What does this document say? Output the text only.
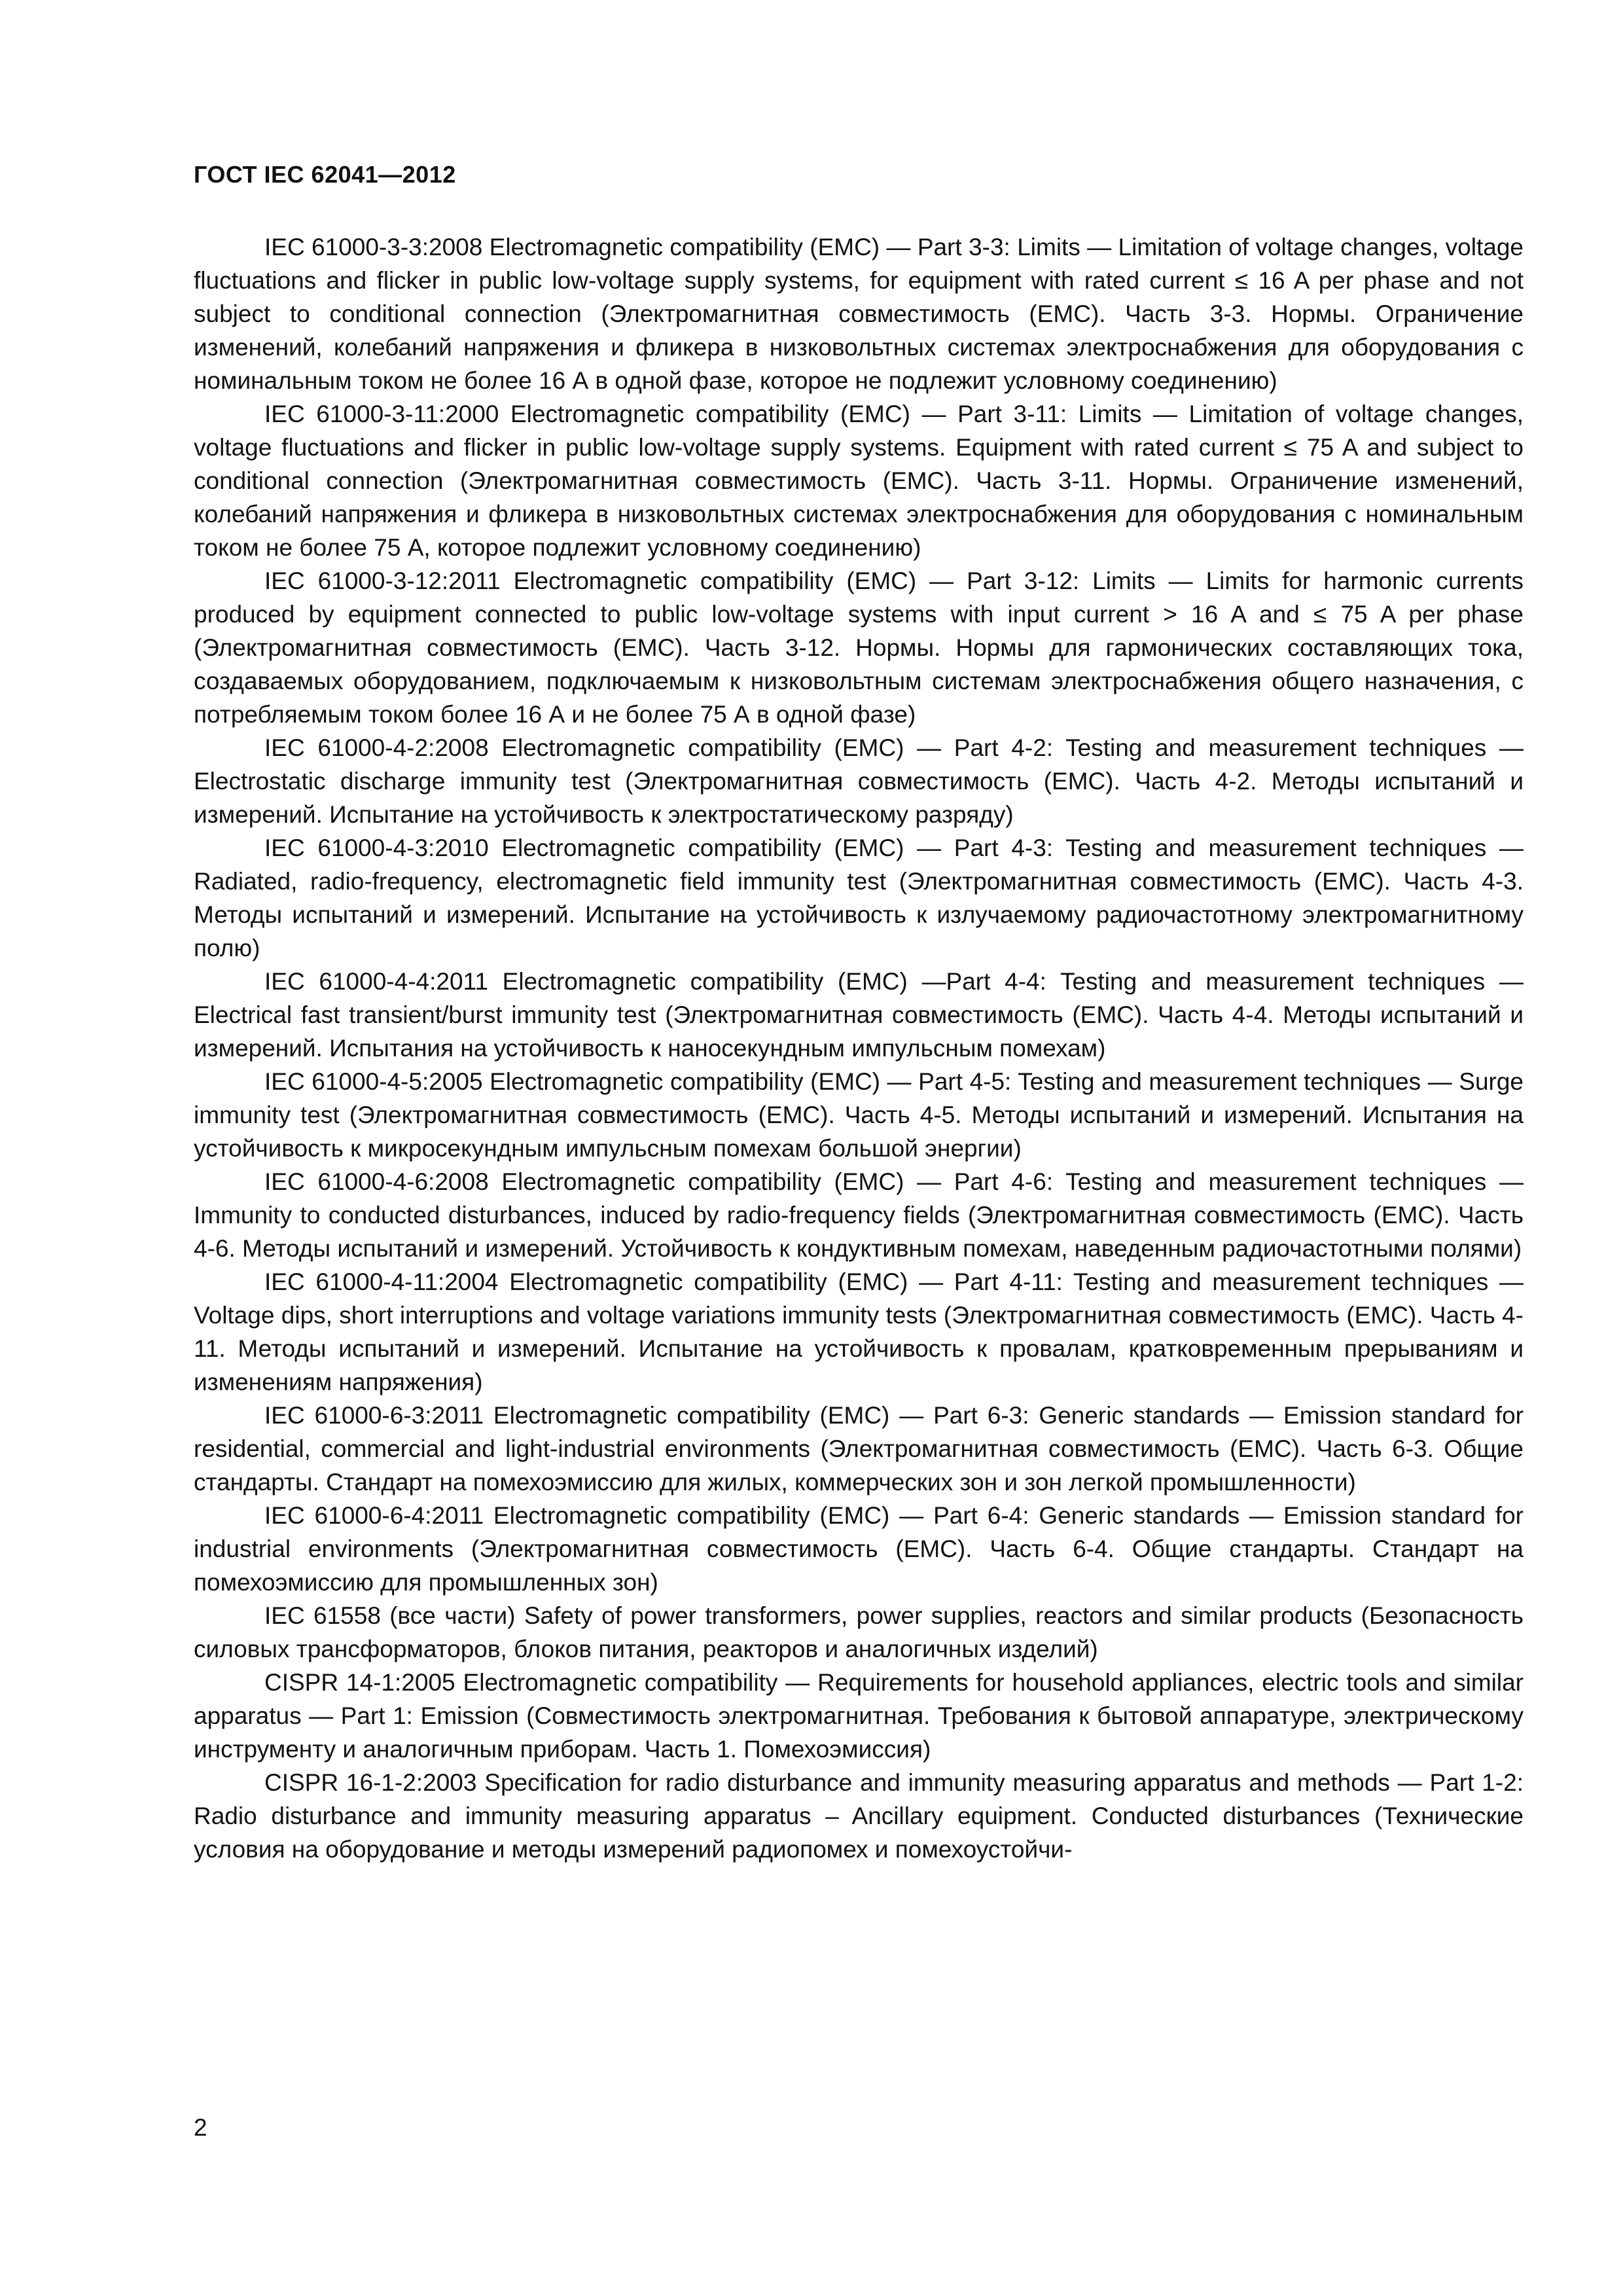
ГОСТ IEC 62041—2012

IEC 61000-3-3:2008 Electromagnetic compatibility (EMC) — Part 3-3: Limits — Limitation of voltage changes, voltage fluctuations and flicker in public low-voltage supply systems, for equipment with rated current ≤ 16 A per phase and not subject to conditional connection (Электромагнитная совместимость (EMC). Часть 3-3. Нормы. Ограничение изменений, колебаний напряжения и фликера в низковольтных систеmах электроснабжения для оборудования с номинальным током не более 16 А в одной фазе, которое не подлежит условному соединению)

IEC 61000-3-11:2000 Electromagnetic compatibility (EMC) — Part 3-11: Limits — Limitation of voltage changes, voltage fluctuations and flicker in public low-voltage supply systems. Equipment with rated current ≤ 75 A and subject to conditional connection (Электромагнитная совместимость (EMC). Часть 3-11. Нормы. Ограничение изменений, колебаний напряжения и фликера в низковольтных системах электроснабжения для оборудования с номинальным током не более 75 А, которое подлежит условному соединению)

IEC 61000-3-12:2011 Electromagnetic compatibility (EMC) — Part 3-12: Limits — Limits for harmonic currents produced by equipment connected to public low-voltage systems with input current > 16 A and ≤ 75 A per phase (Электромагнитная совместимость (EMC). Часть 3-12. Нормы. Нормы для гармонических составляющих тока, создаваемых оборудованием, подключаемым к низковольтным системам электроснабжения общего назначения, с потребляемым током более 16 А и не более 75 А в одной фазе)

IEC 61000-4-2:2008 Electromagnetic compatibility (EMC) — Part 4-2: Testing and measurement techniques — Electrostatic discharge immunity test (Электромагнитная совместимость (EMC). Часть 4-2. Методы испытаний и измерений. Испытание на устойчивость к электростатическому разряду)

IEC 61000-4-3:2010 Electromagnetic compatibility (EMC) — Part 4-3: Testing and measurement techniques — Radiated, radio-frequency, electromagnetic field immunity test (Электромагнитная совместимость (EMC). Часть 4-3. Методы испытаний и измерений. Испытание на устойчивость к излучаемому радиочастотному электромагнитному полю)

IEC 61000-4-4:2011 Electromagnetic compatibility (EMC) —Part 4-4: Testing and measurement techniques — Electrical fast transient/burst immunity test (Электромагнитная совместимость (EMC). Часть 4-4. Методы испытаний и измерений. Испытания на устойчивость к наносекундным импульсным помехам)

IEC 61000-4-5:2005 Electromagnetic compatibility (EMC) — Part 4-5: Testing and measurement techniques — Surge immunity test (Электромагнитная совместимость (EMC). Часть 4-5. Методы испытаний и измерений. Испытания на устойчивость к микросекундным импульсным помехам большой энергии)

IEC 61000-4-6:2008 Electromagnetic compatibility (EMC) — Part 4-6: Testing and measurement techniques — Immunity to conducted disturbances, induced by radio-frequency fields (Электромагнитная совместимость (EMC). Часть 4-6. Методы испытаний и измерений. Устойчивость к кондуктивным помехам, наведенным радиочастотными полями)

IEC 61000-4-11:2004 Electromagnetic compatibility (EMC) — Part 4-11: Testing and measurement techniques — Voltage dips, short interruptions and voltage variations immunity tests (Электромагнитная совместимость (EMC). Часть 4-11. Методы испытаний и измерений. Испытание на устойчивость к провалам, кратковременным прерываниям и изменениям напряжения)

IEC 61000-6-3:2011 Electromagnetic compatibility (EMC) — Part 6-3: Generic standards — Emission standard for residential, commercial and light-industrial environments (Электромагнитная совместимость (EMC). Часть 6-3. Общие стандарты. Стандарт на помехоэмиссию для жилых, коммерческих зон и зон легкой промышленности)

IEC 61000-6-4:2011 Electromagnetic compatibility (EMC) — Part 6-4: Generic standards — Emission standard for industrial environments (Электромагнитная совместимость (EMC). Часть 6-4. Общие стандарты. Стандарт на помехоэмиссию для промышленных зон)

IEC 61558 (все части) Safety of power transformers, power supplies, reactors and similar products (Безопасность силовых трансформаторов, блоков питания, реакторов и аналогичных изделий)

CISPR 14-1:2005 Electromagnetic compatibility — Requirements for household appliances, electric tools and similar apparatus — Part 1: Emission (Совместимость электромагнитная. Требования к бытовой аппаратуре, электрическому инструменту и аналогичным приборам. Часть 1. Помехоэмиссия)

CISPR 16-1-2:2003 Specification for radio disturbance and immunity measuring apparatus and methods — Part 1-2: Radio disturbance and immunity measuring apparatus – Ancillary equipment. Conducted disturbances (Технические условия на оборудование и методы измерений радиопомех и помехоустойчи-

2
